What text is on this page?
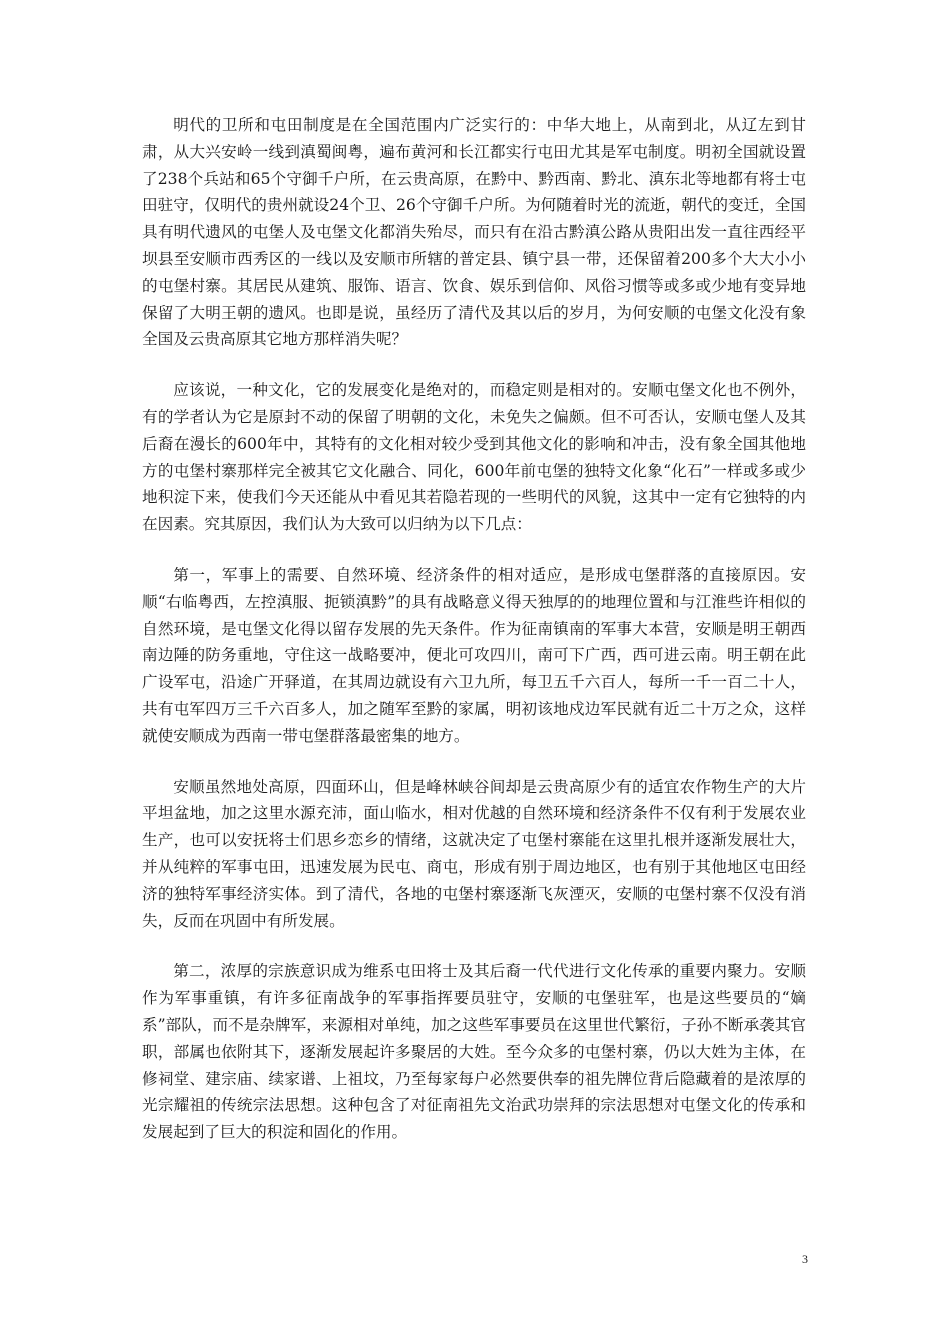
明代的卫所和屯田制度是在全国范围内广泛实行的：中华大地上，从南到北，从辽左到甘肃，从大兴安岭一线到滇蜀闽粤，遍布黄河和长江都实行屯田尤其是军屯制度。明初全国就设置了238个兵站和65个守御千户所，在云贵高原，在黔中、黔西南、黔北、滇东北等地都有将士屯田驻守，仅明代的贵州就设24个卫、26个守御千户所。为何随着时光的流逝，朝代的变迁，全国具有明代遗风的屯堡人及屯堡文化都消失殆尽，而只有在沿古黔滇公路从贵阳出发一直往西经平坝县至安顺市西秀区的一线以及安顺市所辖的普定县、镇宁县一带，还保留着200多个大大小小的屯堡村寨。其居民从建筑、服饰、语言、饮食、娱乐到信仰、风俗习惯等或多或少地有变异地保留了大明王朝的遗风。也即是说，虽经历了清代及其以后的岁月，为何安顺的屯堡文化没有象全国及云贵高原其它地方那样消失呢？

应该说，一种文化，它的发展变化是绝对的，而稳定则是相对的。安顺屯堡文化也不例外，有的学者认为它是原封不动的保留了明朝的文化，未免失之偏颇。但不可否认，安顺屯堡人及其后裔在漫长的600年中，其特有的文化相对较少受到其他文化的影响和冲击，没有象全国其他地方的屯堡村寨那样完全被其它文化融合、同化，600年前屯堡的独特文化象“化石”一样或多或少地积淀下来，使我们今天还能从中看见其若隐若现的一些明代的风貌，这其中一定有它独特的内在因素。究其原因，我们认为大致可以归纳为以下几点：

第一，军事上的需要、自然环境、经济条件的相对适应，是形成屯堡群落的直接原因。安顺“右临粤西，左控滇服、扼锁滇黔”的具有战略意义得天独厚的的地理位置和与江淮些许相似的自然环境，是屯堡文化得以留存发展的先天条件。作为征南镇南的军事大本营，安顺是明王朝西南边陲的防务重地，守住这一战略要冲，便北可攻四川，南可下广西，西可进云南。明王朝在此广设军屯，沿途广开驿道，在其周边就设有六卫九所，每卫五千六百人，每所一千一百二十人，共有屯军四万三千六百多人，加之随军至黔的家属，明初该地戍边军民就有近二十万之众，这样就使安顺成为西南一带屯堡群落最密集的地方。

安顺虽然地处高原，四面环山，但是峰林峡谷间却是云贵高原少有的适宜农作物生产的大片平坦盆地，加之这里水源充沛，面山临水，相对优越的自然环境和经济条件不仅有利于发展农业生产，也可以安抚将士们思乡恋乡的情绪，这就决定了屯堡村寨能在这里扎根并逐渐发展壮大，并从纯粹的军事屯田，迅速发展为民屯、商屯，形成有别于周边地区，也有别于其他地区屯田经济的独特军事经济实体。到了清代，各地的屯堡村寨逐渐飞灰湮灭，安顺的屯堡村寨不仅没有消失，反而在巩固中有所发展。

第二，浓厚的宗族意识成为维系屯田将士及其后裔一代代进行文化传承的重要内聚力。安顺作为军事重镇，有许多征南战争的军事指挥要员驻守，安顺的屯堡驻军，也是这些要员的“嫡系”部队，而不是杂牌军，来源相对单纯，加之这些军事要员在这里世代繁衍，子孙不断承袭其官职，部属也依附其下，逐渐发展起许多聚居的大姓。至今众多的屯堡村寨，仍以大姓为主体，在修祠堂、建宗庙、续家谱、上祖坟，乃至每家每户必然要供奉的祖先牌位背后隐藏着的是浓厚的光宗耀祖的传统宗法思想。这种包含了对征南祖先文治武功崇拜的宗法思想对屯堡文化的传承和发展起到了巨大的积淀和固化的作用。

3
